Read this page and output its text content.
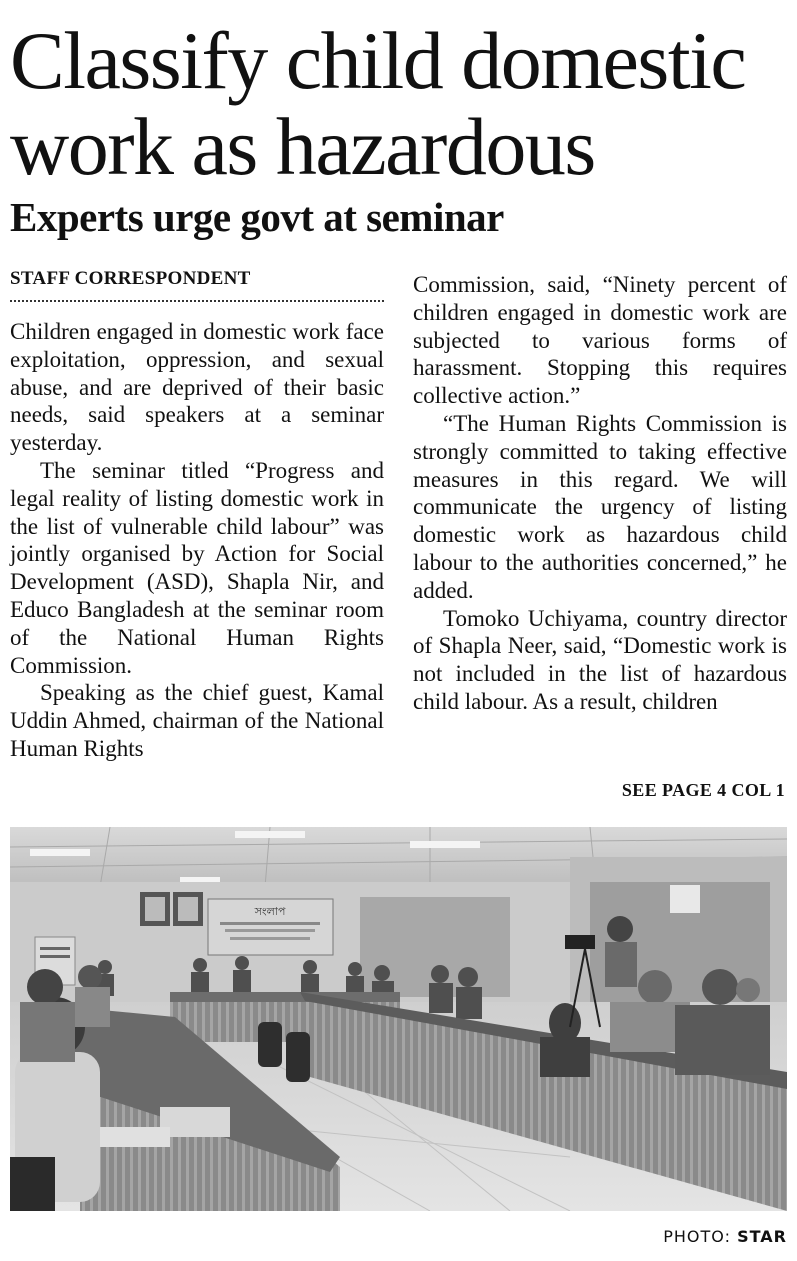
Classify child domestic work as hazardous
Experts urge govt at seminar
STAFF CORRESPONDENT

Children engaged in domestic work face exploitation, oppression, and sexual abuse, and are deprived of their basic needs, said speakers at a seminar yesterday.

The seminar titled “Progress and legal reality of listing domestic work in the list of vulnerable child labour” was jointly organised by Action for Social Development (ASD), Shapla Nir, and Educo Bangladesh at the seminar room of the National Human Rights Commission.

Speaking as the chief guest, Kamal Uddin Ahmed, chairman of the National Human Rights

Commission, said, “Ninety percent of children engaged in domestic work are subjected to various forms of harassment. Stopping this requires collective action.”

“The Human Rights Commission is strongly committed to taking effective measures in this regard. We will communicate the urgency of listing domestic work as hazardous child labour to the authorities concerned,” he added.

Tomoko Uchiyama, country director of Shapla Neer, said, “Domestic work is not included in the list of hazardous child labour. As a result, children

SEE PAGE 4 COL 1
সংলাপ
PHOTO: STAR
